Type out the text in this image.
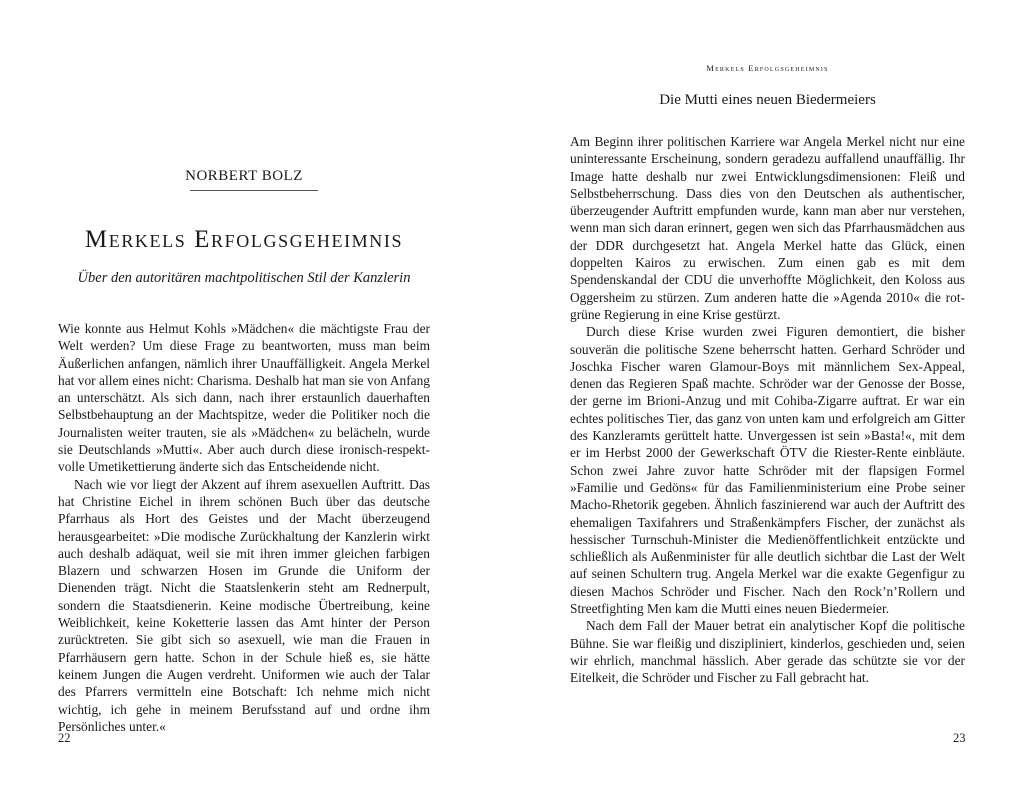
NORBERT BOLZ
Merkels Erfolgsgeheimnis
Über den autoritären machtpolitischen Stil der Kanzlerin

Wie konnte aus Helmut Kohls »Mädchen« die mächtigste Frau der Welt werden? Um diese Frage zu beantworten, muss man beim Äußerlichen anfangen, nämlich ihrer Unauffälligkeit. Angela Merkel hat vor allem eines nicht: Charisma. Deshalb hat man sie von Anfang an unterschätzt. Als sich dann, nach ihrer erstaunlich dauerhaften Selbstbehauptung an der Machtspitze, weder die Politiker noch die Journalisten weiter trauten, sie als »Mädchen« zu belächeln, wurde sie Deutschlands »Mutti«. Aber auch durch diese ironisch-respektvolle Umetikettierung änderte sich das Entscheidende nicht.

Nach wie vor liegt der Akzent auf ihrem asexuellen Auftritt. Das hat Christine Eichel in ihrem schönen Buch über das deutsche Pfarrhaus als Hort des Geistes und der Macht überzeugend herausgearbeitet: »Die modische Zurückhaltung der Kanzlerin wirkt auch deshalb adäquat, weil sie mit ihren immer gleichen farbigen Blazern und schwarzen Hosen im Grunde die Uniform der Dienenden trägt. Nicht die Staatslenkerin steht am Rednerpult, sondern die Staatsdienerin. Keine modische Übertreibung, keine Weiblichkeit, keine Koketterie lassen das Amt hinter der Person zurücktreten. Sie gibt sich so asexuell, wie man die Frauen in Pfarrhäusern gern hatte. Schon in der Schule hieß es, sie hätte keinem Jungen die Augen verdreht. Uniformen wie auch der Talar des Pfarrers vermitteln eine Botschaft: Ich nehme mich nicht wichtig, ich gehe in meinem Berufsstand auf und ordne ihm Persönliches unter.«

22
Merkels Erfolgsgeheimnis
Die Mutti eines neuen Biedermeiers

Am Beginn ihrer politischen Karriere war Angela Merkel nicht nur eine uninteressante Erscheinung, sondern geradezu auffallend unauffällig. Ihr Image hatte deshalb nur zwei Entwicklungsdimensionen: Fleiß und Selbstbeherrschung. Dass dies von den Deutschen als authentischer, überzeugender Auftritt empfunden wurde, kann man aber nur verstehen, wenn man sich daran erinnert, gegen wen sich das Pfarrhausmädchen aus der DDR durchgesetzt hat. Angela Merkel hatte das Glück, einen doppelten Kairos zu erwischen. Zum einen gab es mit dem Spendenskandal der CDU die unverhoffte Möglichkeit, den Koloss aus Oggersheim zu stürzen. Zum anderen hatte die »Agenda 2010« die rot-grüne Regierung in eine Krise gestürzt.

Durch diese Krise wurden zwei Figuren demontiert, die bisher souverän die politische Szene beherrscht hatten. Gerhard Schröder und Joschka Fischer waren Glamour-Boys mit männlichem Sex-Appeal, denen das Regieren Spaß machte. Schröder war der Genosse der Bosse, der gerne im Brioni-Anzug und mit Cohiba-Zigarre auftrat. Er war ein echtes politisches Tier, das ganz von unten kam und erfolgreich am Gitter des Kanzleramts gerüttelt hatte. Unvergessen ist sein »Basta!«, mit dem er im Herbst 2000 der Gewerkschaft ÖTV die Riester-Rente einbläute. Schon zwei Jahre zuvor hatte Schröder mit der flapsigen Formel »Familie und Gedöns« für das Familienministerium eine Probe seiner Macho-Rhetorik gegeben. Ähnlich faszinierend war auch der Auftritt des ehemaligen Taxifahrers und Straßenkämpfers Fischer, der zunächst als hessischer Turnschuh-Minister die Medienöffentlichkeit entzückte und schließlich als Außenminister für alle deutlich sichtbar die Last der Welt auf seinen Schultern trug. Angela Merkel war die exakte Gegenfigur zu diesen Machos Schröder und Fischer. Nach den Rock’n’Rollern und Streetfighting Men kam die Mutti eines neuen Biedermeier.

Nach dem Fall der Mauer betrat ein analytischer Kopf die politische Bühne. Sie war fleißig und diszipliniert, kinderlos, geschieden und, seien wir ehrlich, manchmal hässlich. Aber gerade das schützte sie vor der Eitelkeit, die Schröder und Fischer zu Fall gebracht hat.

23
